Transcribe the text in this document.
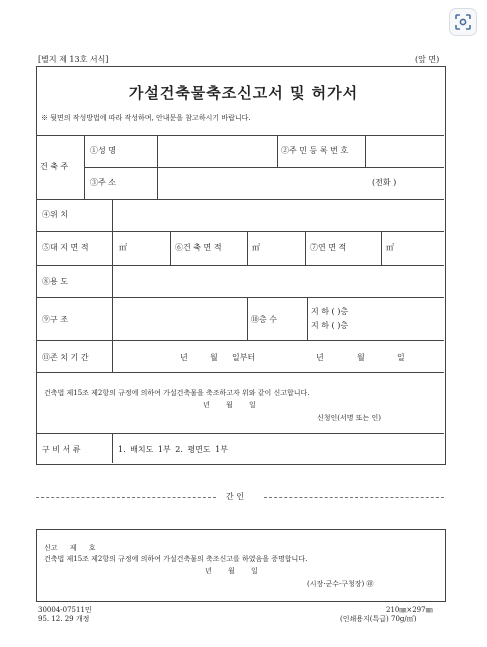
[별지 제 13호 서식]	(앞 면)
가설건축물축조신고서 및 허가서
※ 뒷면의 작성방법에 따라 작성하며, 안내문을 참고하시기 바랍니다.
건 축 주
①성 명	②주 민 등 록 번 호
③주 소	(전화 )
④위 치
⑤대 지 면 적	㎡	⑥건 축 면 적	㎡	⑦연 면 적	㎡
⑧용 도
⑨구 조	⑩층 수
지 하 ( )층
지 하 ( )층
⑪존 치 기 간	년	월 일부터	년	월	일
건축법 제15조 제2항의 규정에 의하여 가설건축물을 축조하고자 위와 같이 신고합니다.
년 월 일
신청인(서명 또는 인)
구 비 서 류	1. 배치도 1부 2. 평면도 1부
간 인
신고 제 호
건축법 제15조 제2항의 규정에 의하여 가설건축물의 축조신고를 하였음을 증명합니다.
년 월 일
(시장·군수·구청장) ㊞
30004-07511민
95. 12. 29 개정
210㎜×297㎜
(인쇄용지(특급) 70g/㎡)
